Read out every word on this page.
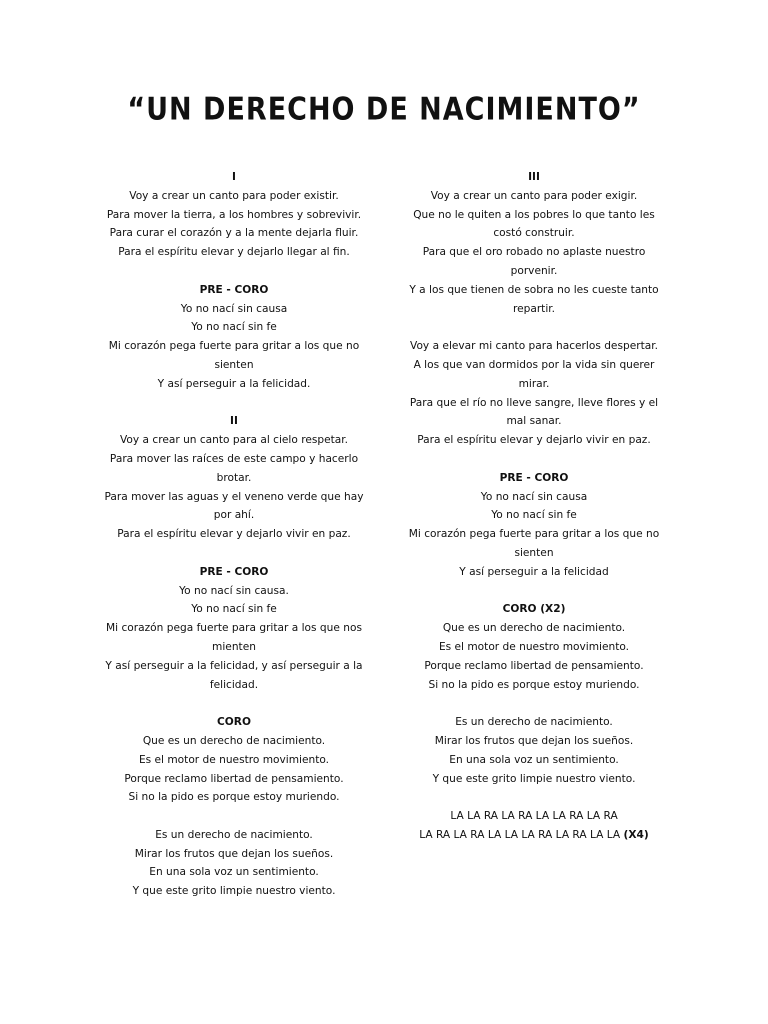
“UN DERECHO DE NACIMIENTO”
I
Voy a crear un canto para poder existir.
Para mover la tierra, a los hombres y sobrevivir.
Para curar el corazón y a la mente dejarla fluir.
Para el espíritu elevar y dejarlo llegar al fin.
PRE - CORO
Yo no nací sin causa
Yo no nací sin fe
Mi corazón pega fuerte para gritar a los que no sienten
Y así perseguir a la felicidad.
II
Voy a crear un canto para al cielo respetar.
Para mover las raíces de este campo y hacerlo brotar.
Para mover las aguas y el veneno verde que hay por ahí.
Para el espíritu elevar y dejarlo vivir en paz.
PRE - CORO
Yo no nací sin causa.
Yo no nací sin fe
Mi corazón pega fuerte para gritar a los que nos mienten
Y así perseguir a la felicidad, y así perseguir a la felicidad.
CORO
Que es un derecho de nacimiento.
Es el motor de nuestro movimiento.
Porque reclamo libertad de pensamiento.
Si no la pido es porque estoy muriendo.
Es un derecho de nacimiento.
Mirar los frutos que dejan los sueños.
En una sola voz un sentimiento.
Y que este grito limpie nuestro viento.
III
Voy a crear un canto para poder exigir.
Que no le quiten a los pobres lo que tanto les costó construir.
Para que el oro robado no aplaste nuestro porvenir.
Y a los que tienen de sobra no les cueste tanto repartir.
Voy a elevar mi canto para hacerlos despertar.
A los que van dormidos por la vida sin querer mirar.
Para que el río no lleve sangre, lleve flores y el mal sanar.
Para el espíritu elevar y dejarlo vivir en paz.
PRE - CORO
Yo no nací sin causa
Yo no nací sin fe
Mi corazón pega fuerte para gritar a los que no sienten
Y así perseguir a la felicidad
CORO (X2)
Que es un derecho de nacimiento.
Es el motor de nuestro movimiento.
Porque reclamo libertad de pensamiento.
Si no la pido es porque estoy muriendo.
Es un derecho de nacimiento.
Mirar los frutos que dejan los sueños.
En una sola voz un sentimiento.
Y que este grito limpie nuestro viento.
LA LA RA LA RA LA LA RA LA RA
LA RA LA RA LA LA LA RA LA RA LA LA (X4)
